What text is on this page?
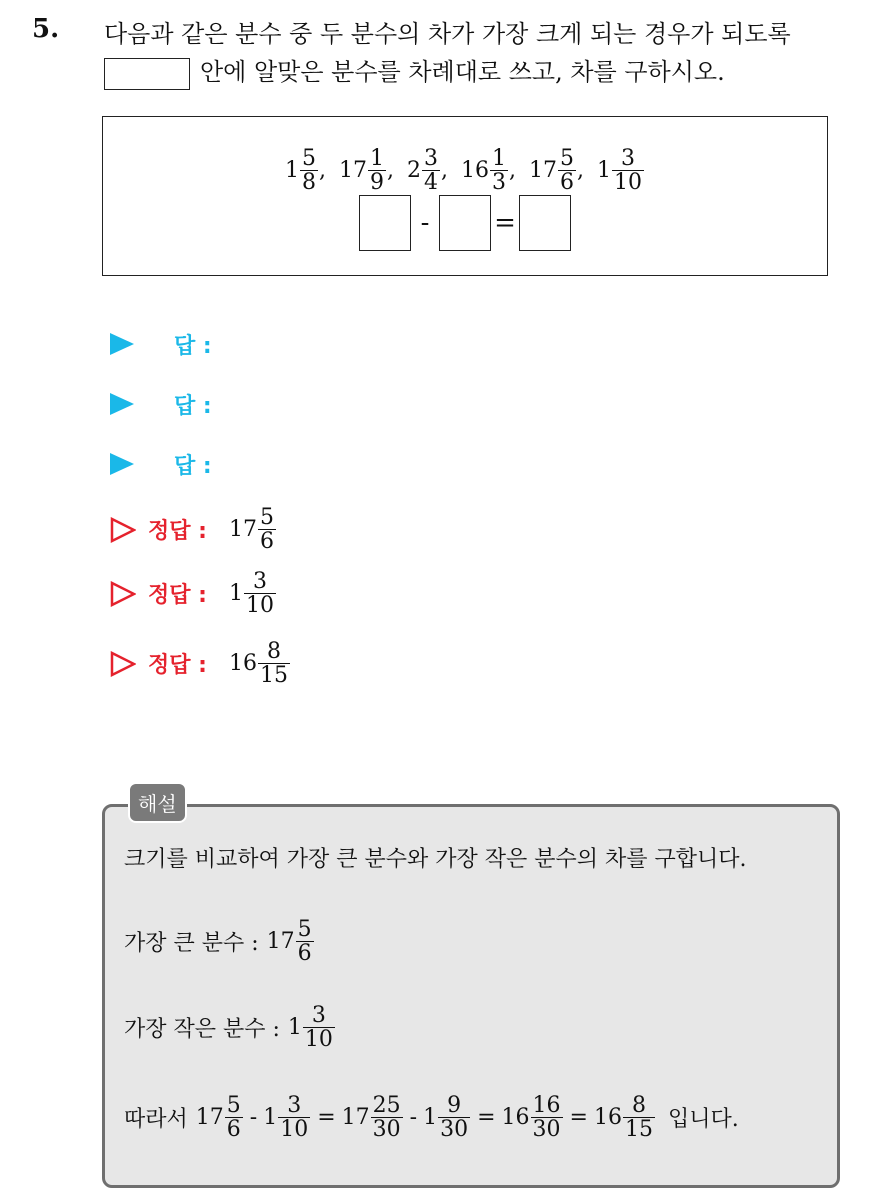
5. 다음과 같은 분수 중 두 분수의 차가 가장 크게 되는 경우가 되도록
안에 알맞은 분수를 차례대로 쓰고, 차를 구하시오.
$1 \frac{5}{8}$ , $17 \frac{1}{9}$ , $2 \frac{3}{4}$ , $16 \frac{1}{3}$ , $17 \frac{5}{6}$ , $1 \frac{3}{10}$
- =
답 :
답 :
답 :
정답 : $17 \frac{5}{6}$
정답 : $1 \frac{3}{10}$
정답 : $16 \frac{8}{15}$
해설
크기를 비교하여 가장 큰 분수와 가장 작은 분수의 차를 구합니다.
가장 큰 분수 : $17 \frac{5}{6}$
가장 작은 분수 : $1 \frac{3}{10}$
따라서 $17 \frac{5}{6} - 1 \frac{3}{10} = 17 \frac{25}{30} - 1 \frac{9}{30} = 16 \frac{16}{30} = 16 \frac{8}{15}$ 입니다.
